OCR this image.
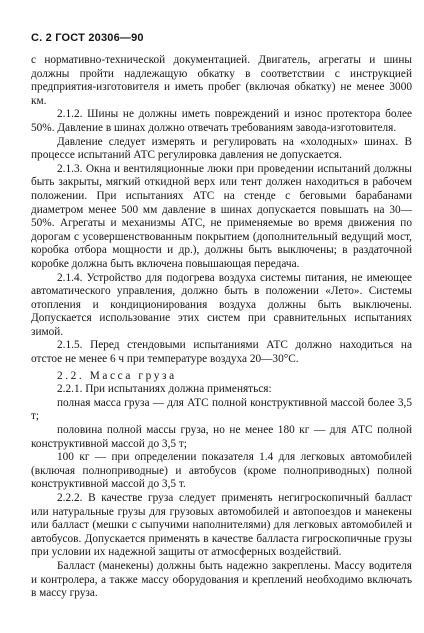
С. 2 ГОСТ 20306—90

с нормативно-технической документацией. Двигатель, агрегаты и шины должны пройти надлежащую обкатку в соответствии с инструкцией предприятия-изготовителя и иметь пробег (включая обкатку) не менее 3000 км.

2.1.2. Шины не должны иметь повреждений и износ протектора более 50%. Давление в шинах должно отвечать требованиям завода-изготовителя.

Давление следует измерять и регулировать на «холодных» шинах. В процессе испытаний АТС регулировка давления не допускается.

2.1.3. Окна и вентиляционные люки при проведении испытаний должны быть закрыты, мягкий откидной верх или тент должен находиться в рабочем положении. При испытаниях АТС на стенде с беговыми барабанами диаметром менее 500 мм давление в шинах допускается повышать на 30—50%. Агрегаты и механизмы АТС, не применяемые во время движения по дорогам с усовершенствованным покрытием (дополнительный ведущий мост, коробка отбора мощности и др.), должны быть выключены; в раздаточной коробке должна быть включена повышающая передача.

2.1.4. Устройство для подогрева воздуха системы питания, не имеющее автоматического управления, должно быть в положении «Лето». Системы отопления и кондиционирования воздуха должны быть выключены. Допускается использование этих систем при сравнительных испытаниях зимой.

2.1.5. Перед стендовыми испытаниями АТС должно находиться на отстое не менее 6 ч при температуре воздуха 20—30°С.

2.2. Масса груза

2.2.1. При испытаниях должна применяться:

полная масса груза — для АТС полной конструктивной массой более 3,5 т;

половина полной массы груза, но не менее 180 кг — для АТС полной конструктивной массой до 3,5 т;

100 кг — при определении показателя 1.4 для легковых автомобилей (включая полноприводные) и автобусов (кроме полноприводных) полной конструктивной массой до 3,5 т.

2.2.2. В качестве груза следует применять негигроскопичный балласт или натуральные грузы для грузовых автомобилей и автопоездов и манекены или балласт (мешки с сыпучими наполнителями) для легковых автомобилей и автобусов. Допускается применять в качестве балласта гигроскопичные грузы при условии их надежной защиты от атмосферных воздействий.

Балласт (манекены) должны быть надежно закреплены. Массу водителя и контролера, а также массу оборудования и креплений необходимо включать в массу груза.
